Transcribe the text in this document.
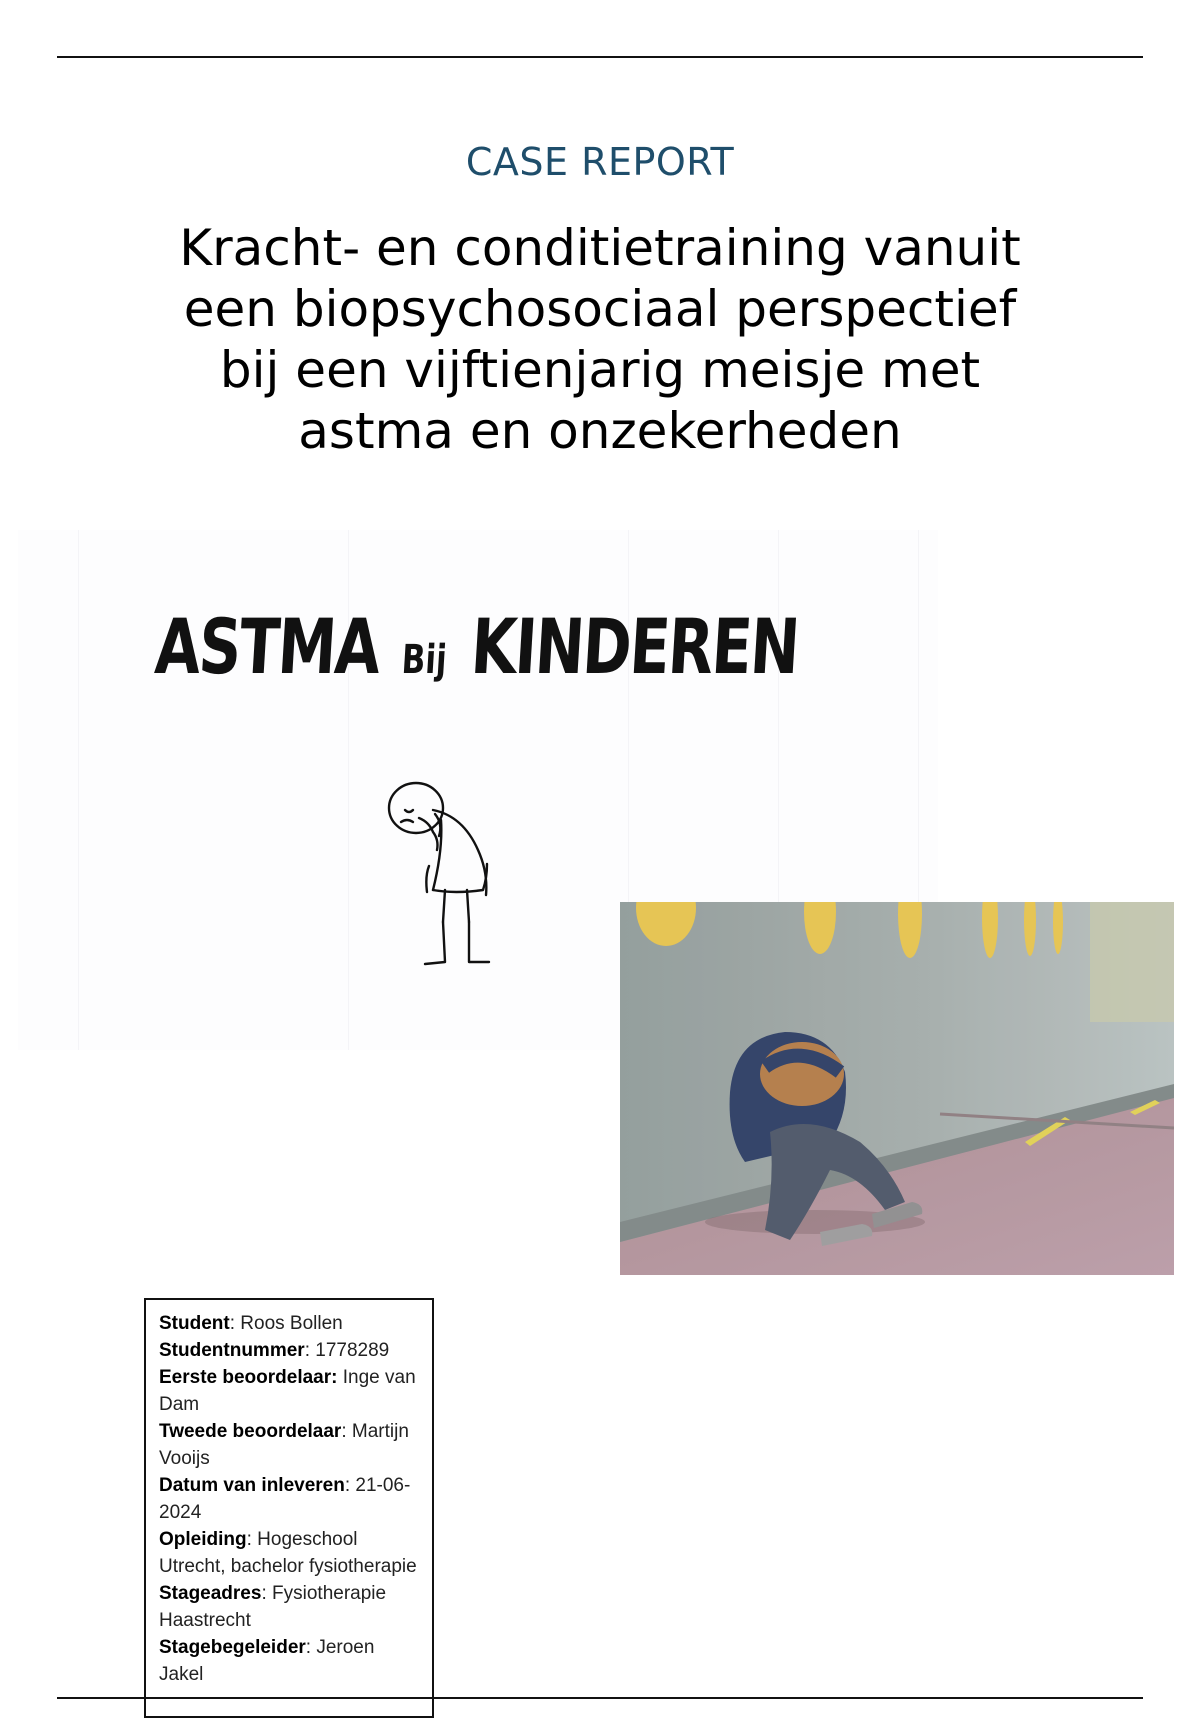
CASE REPORT
Kracht- en conditietraining vanuit een biopsychosociaal perspectief bij een vijftienjarig meisje met astma en onzekerheden
ASTMA Bij KINDEREN

Student: Roos Bollen

Studentnummer: 1778289

Eerste beoordelaar: Inge van Dam

Tweede beoordelaar: Martijn Vooijs

Datum van inleveren: 21-06-2024

Opleiding: Hogeschool Utrecht, bachelor fysiotherapie

Stageadres: Fysiotherapie Haastrecht

Stagebegeleider: Jeroen Jakel
